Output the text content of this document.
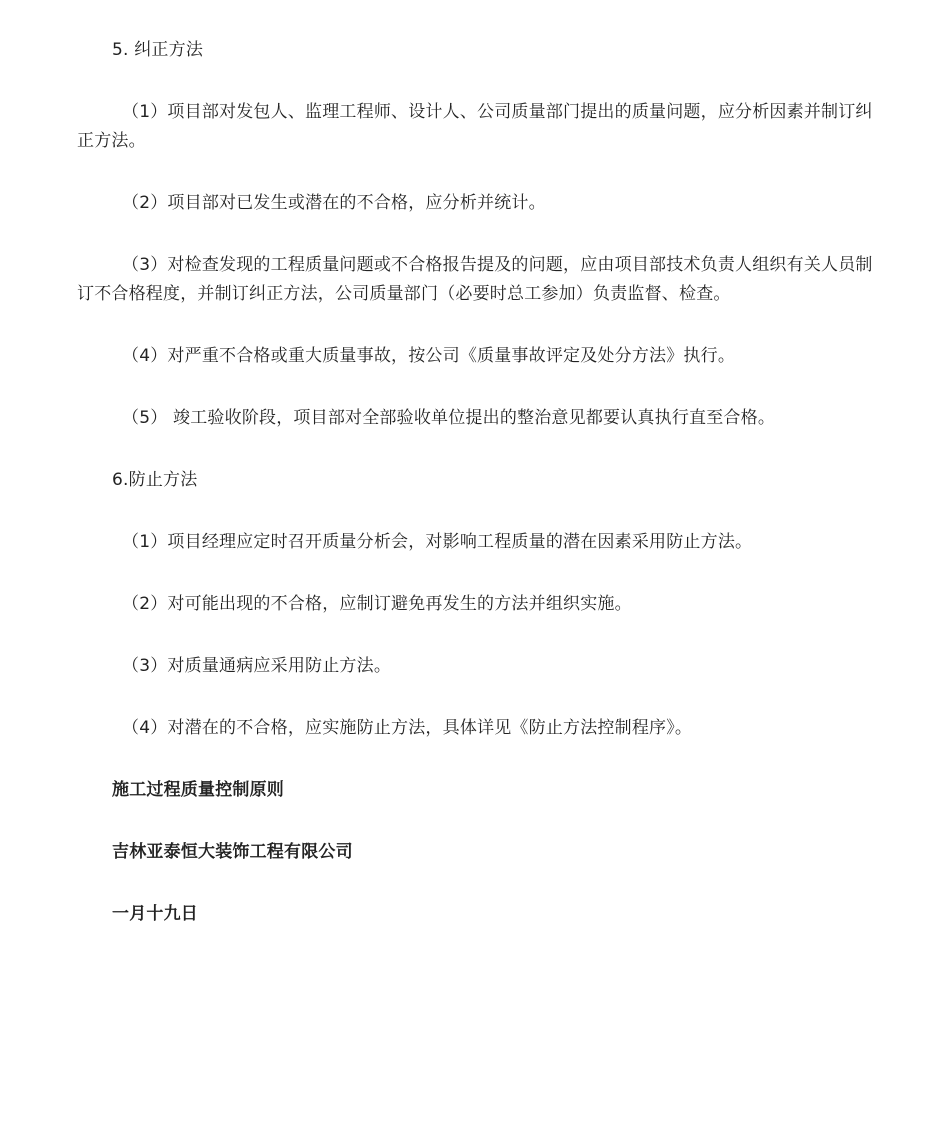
5. 纠正方法
（1）项目部对发包人、监理工程师、设计人、公司质量部门提出的质量问题，应分析因素并制订纠正方法。
（2）项目部对已发生或潜在的不合格，应分析并统计。
（3）对检查发现的工程质量问题或不合格报告提及的问题，应由项目部技术负责人组织有关人员制订不合格程度，并制订纠正方法，公司质量部门（必要时总工参加）负责监督、检查。
（4）对严重不合格或重大质量事故，按公司《质量事故评定及处分方法》执行。
（5） 竣工验收阶段，项目部对全部验收单位提出的整治意见都要认真执行直至合格。
6.防止方法
（1）项目经理应定时召开质量分析会，对影响工程质量的潜在因素采用防止方法。
（2）对可能出现的不合格，应制订避免再发生的方法并组织实施。
（3）对质量通病应采用防止方法。
（4）对潜在的不合格，应实施防止方法，具体详见《防止方法控制程序》。
施工过程质量控制原则
吉林亚泰恒大装饰工程有限公司
一月十九日
